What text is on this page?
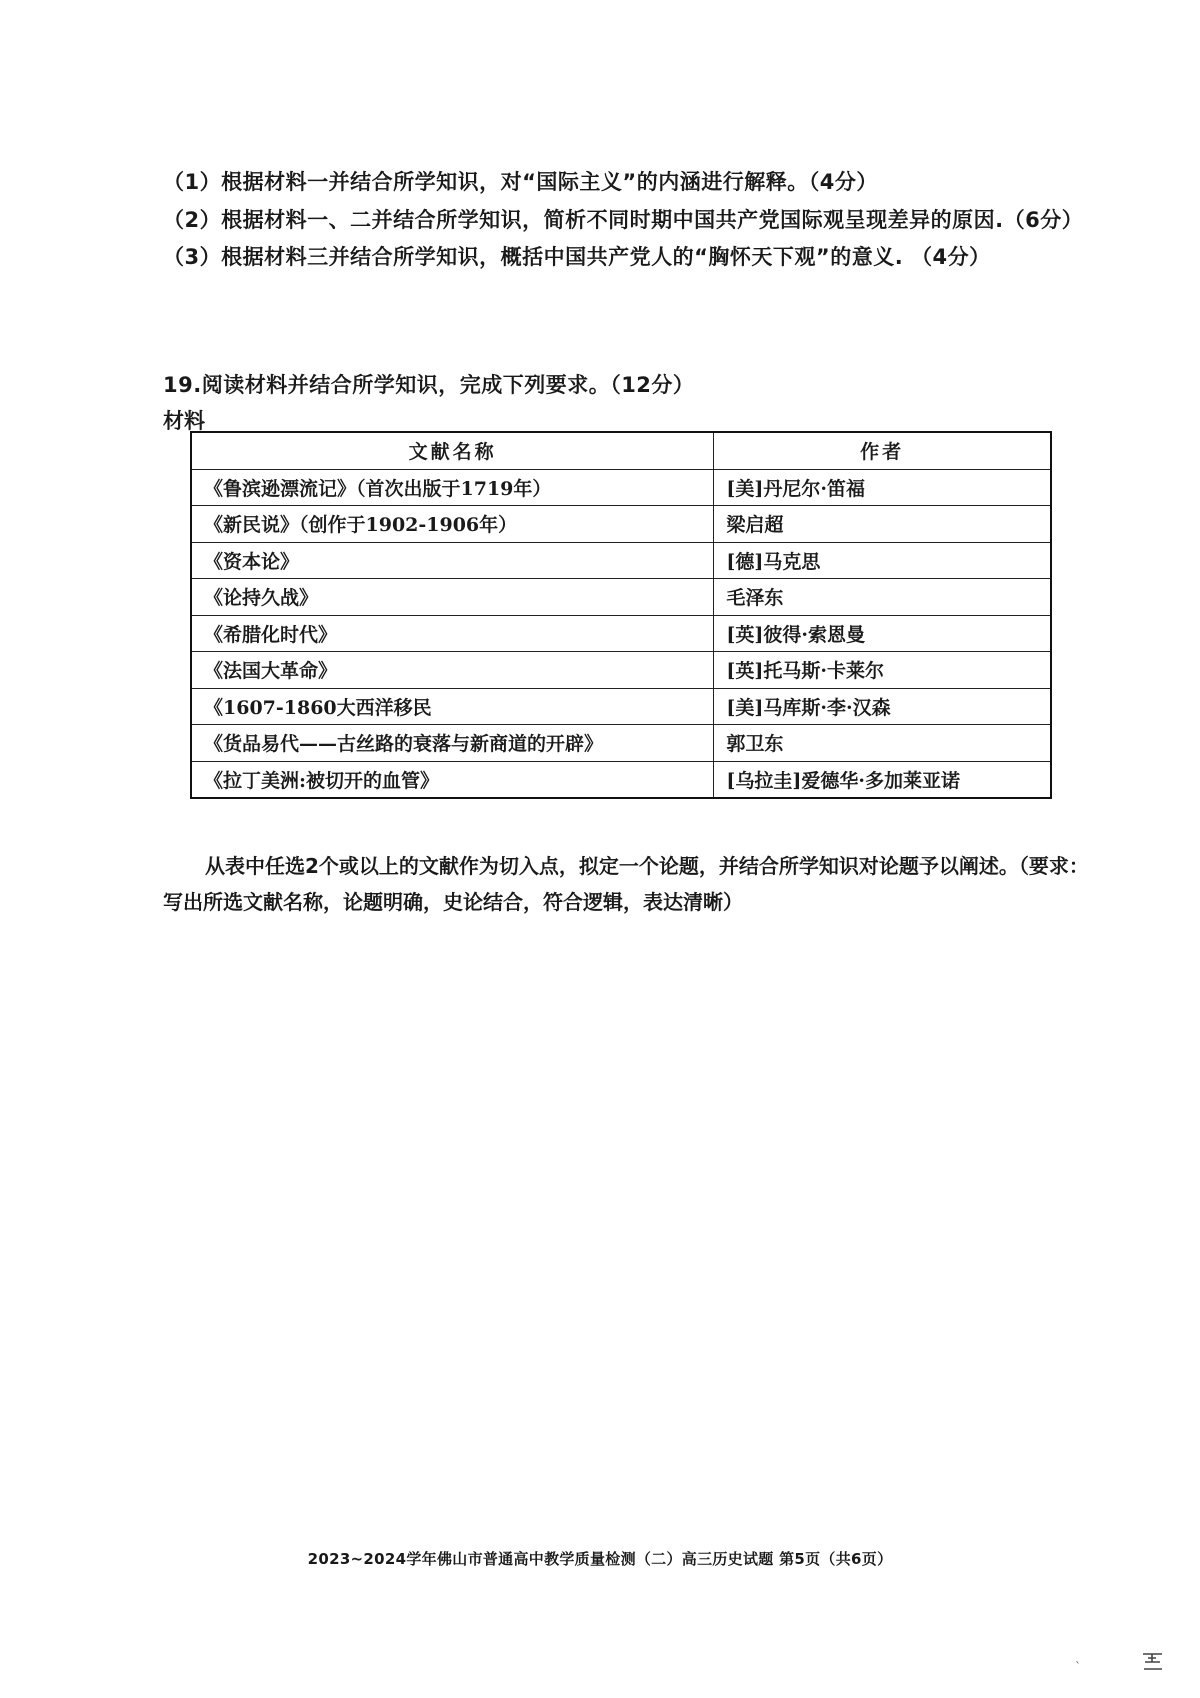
（1）根据材料一并结合所学知识，对“国际主义”的内涵进行解释。（4分）
（2）根据材料一、二并结合所学知识，简析不同时期中国共产党国际观呈现差异的原因.（6分）
（3）根据材料三并结合所学知识，概括中国共产党人的“胸怀天下观”的意义. （4分）
19.阅读材料并结合所学知识，完成下列要求。（12分）
材料
文献名称	作者
《鲁滨逊漂流记》（首次出版于1719年）	[美]丹尼尔·笛福
《新民说》（创作于1902-1906年）	梁启超
《资本论》	[德]马克思
《论持久战》	毛泽东
《希腊化时代》	[英]彼得·索恩曼
《法国大革命》	[英]托马斯·卡莱尔
《1607-1860大西洋移民	[美]马库斯·李·汉森
《货品易代——古丝路的衰落与新商道的开辟》	郭卫东
《拉丁美洲:被切开的血管》	[乌拉圭]爱德华·多加莱亚诺
从表中任选2个或以上的文献作为切入点，拟定一个论题，并结合所学知识对论题予以阐述。（要求：写出所选文献名称，论题明确，史论结合，符合逻辑，表达清晰）
2023~2024学年佛山市普通高中教学质量检测（二）高三历史试题 第5页（共6页）
ˋ
